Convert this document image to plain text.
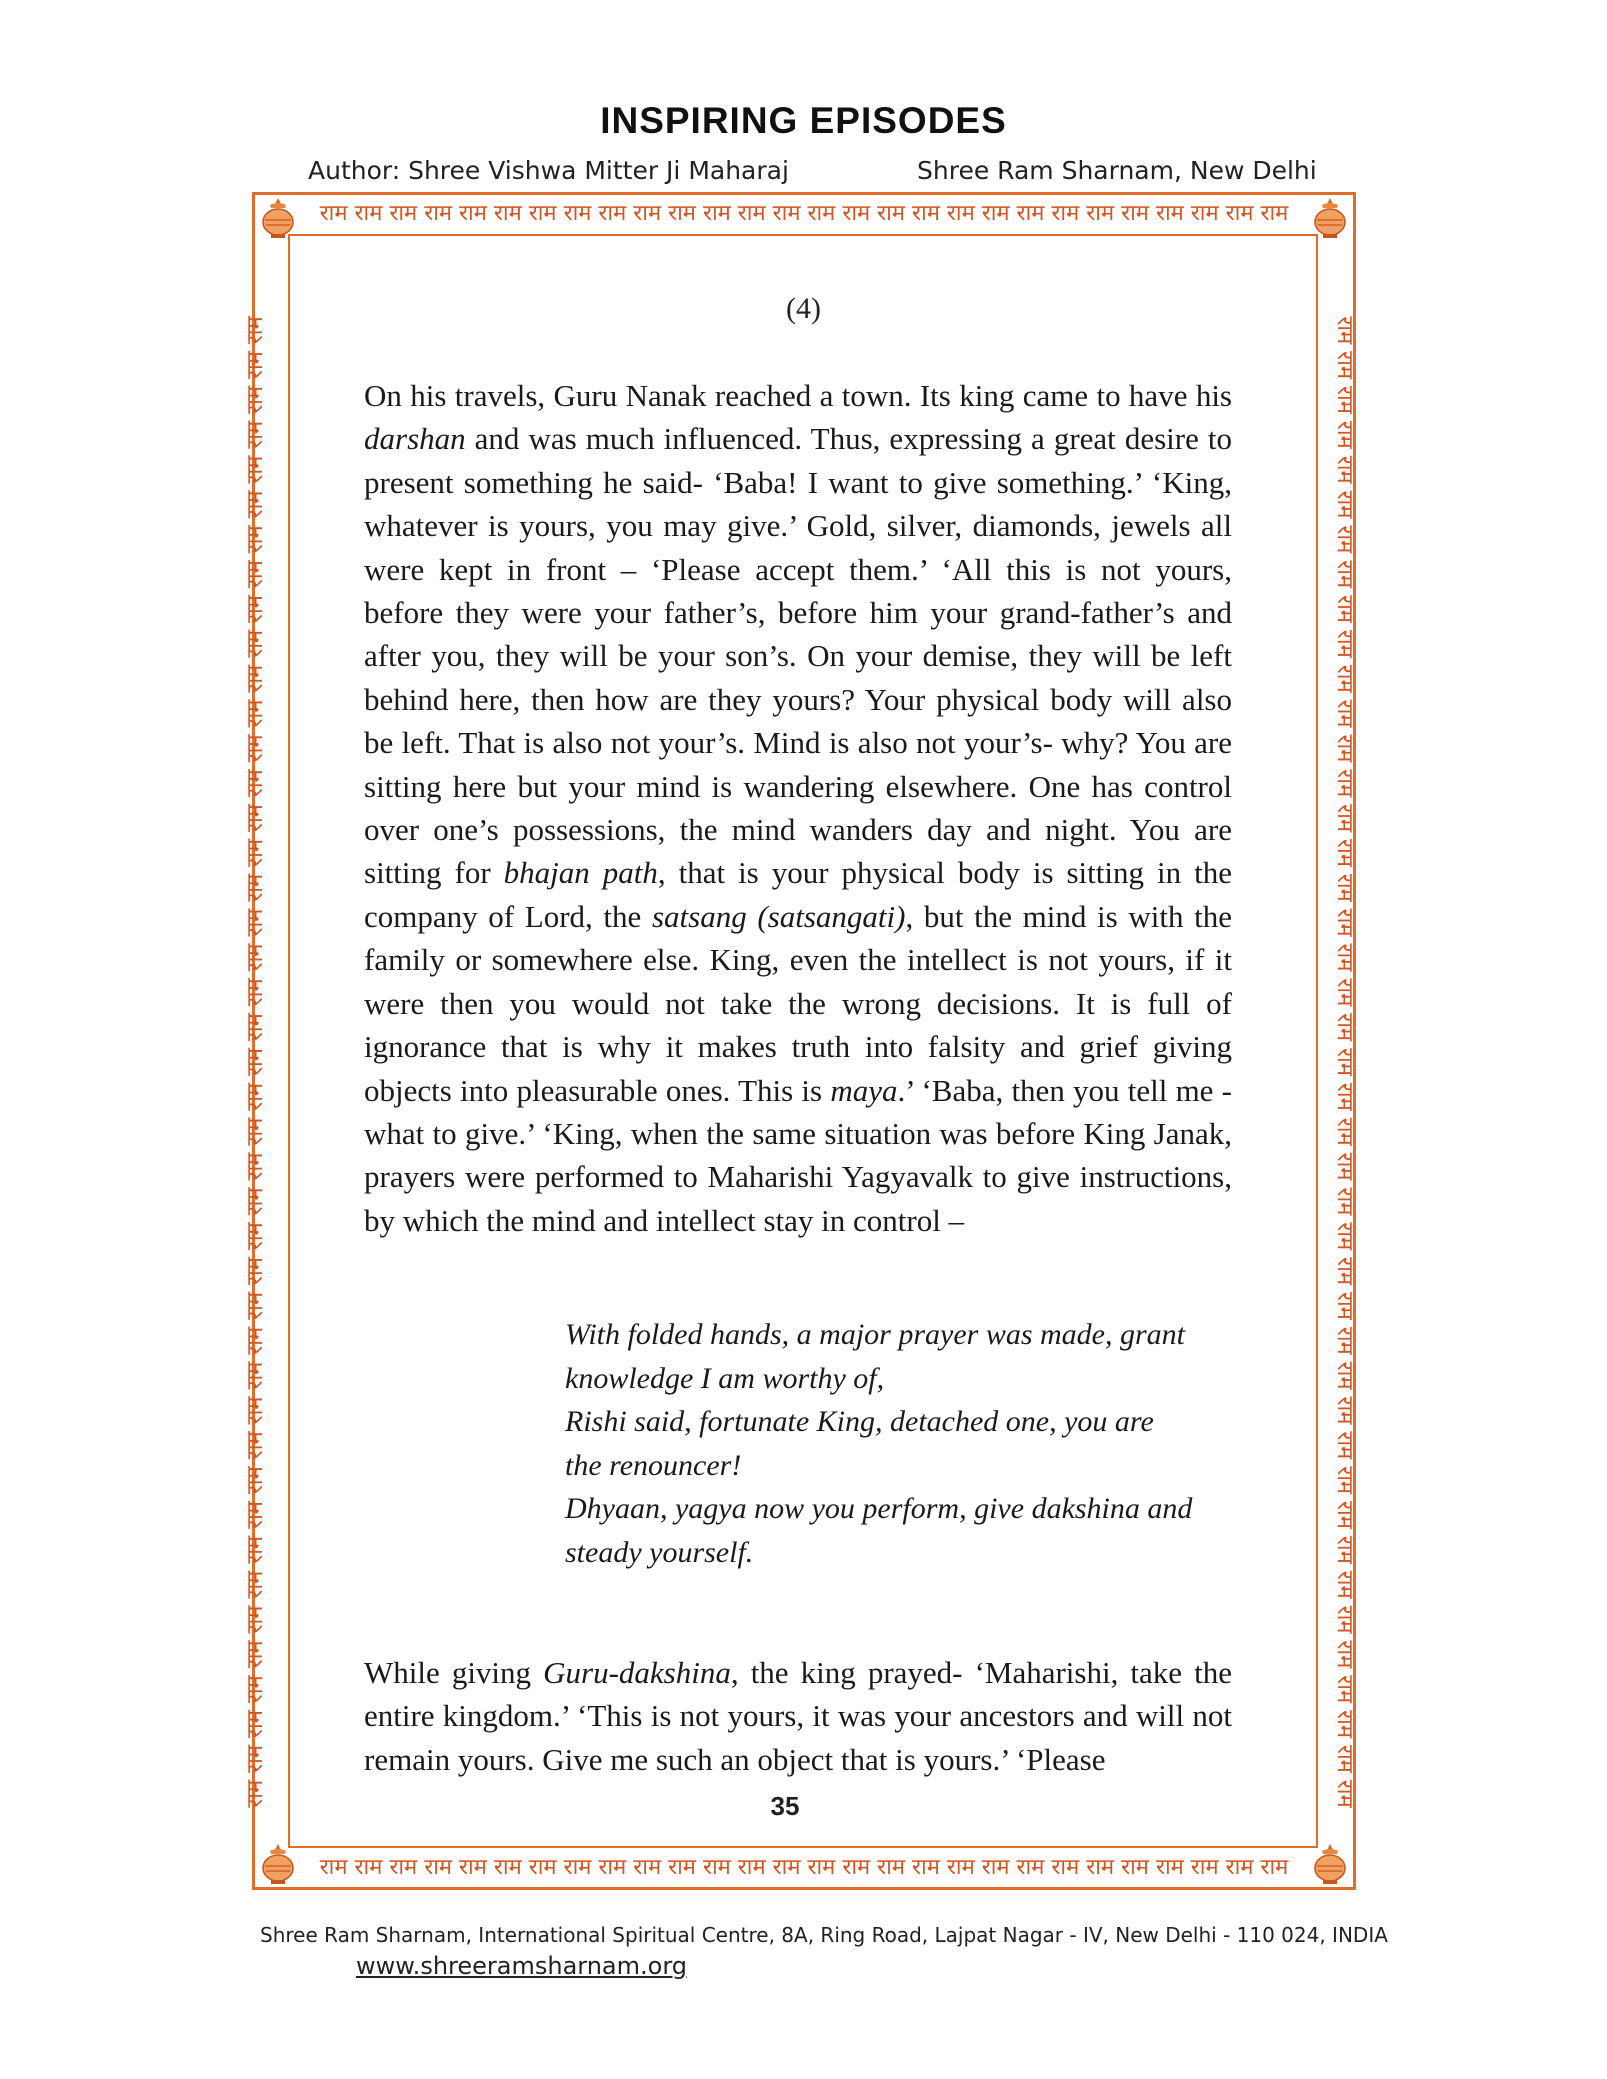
INSPIRING EPISODES
Author: Shree Vishwa Mitter Ji Maharaj	Shree Ram Sharnam, New Delhi
राम राम राम राम राम राम राम राम राम राम राम राम राम राम राम राम राम राम राम राम राम राम राम राम राम राम राम राम
राम राम राम राम राम राम राम राम राम राम राम राम राम राम राम राम राम राम राम राम राम राम राम राम राम राम राम राम
राम राम राम राम राम राम राम राम राम राम राम राम राम राम राम राम राम राम राम राम राम राम राम राम राम राम राम राम राम राम राम राम राम राम राम राम राम राम राम राम राम राम राम	राम राम राम राम राम राम राम राम राम राम राम राम राम राम राम राम राम राम राम राम राम राम राम राम राम राम राम राम राम राम राम राम राम राम राम राम राम राम राम राम राम राम राम
(4)

On his travels, Guru Nanak reached a town. Its king came to have his darshan and was much influenced. Thus, expressing a great desire to present something he said- ‘Baba! I want to give something.’ ‘King, whatever is yours, you may give.’ Gold, silver, diamonds, jewels all were kept in front – ‘Please accept them.’ ‘All this is not yours, before they were your father’s, before him your grand-father’s and after you, they will be your son’s. On your demise, they will be left behind here, then how are they yours? Your physical body will also be left. That is also not your’s. Mind is also not your’s- why? You are sitting here but your mind is wandering elsewhere. One has control over one’s possessions, the mind wanders day and night. You are sitting for bhajan path, that is your physical body is sitting in the company of Lord, the satsang (satsangati), but the mind is with the family or somewhere else. King, even the intellect is not yours, if it were then you would not take the wrong decisions. It is full of ignorance that is why it makes truth into falsity and grief giving objects into pleasurable ones. This is maya.’ ‘Baba, then you tell me - what to give.’ ‘King, when the same situation was before King Janak, prayers were performed to Maharishi Yagyavalk to give instructions, by which the mind and intellect stay in control –

With folded hands, a major prayer was made, grant
knowledge I am worthy of,
Rishi said, fortunate King, detached one, you are
the renouncer!
Dhyaan, yagya now you perform, give dakshina and
steady yourself.

While giving Guru-dakshina, the king prayed- ‘Maharishi, take the entire kingdom.’ ‘This is not yours, it was your ancestors and will not remain yours. Give me such an object that is yours.’ ‘Please

35
Shree Ram Sharnam, International Spiritual Centre, 8A, Ring Road, Lajpat Nagar - IV, New Delhi - 110 024, INDIA
www.shreeramsharnam.org
